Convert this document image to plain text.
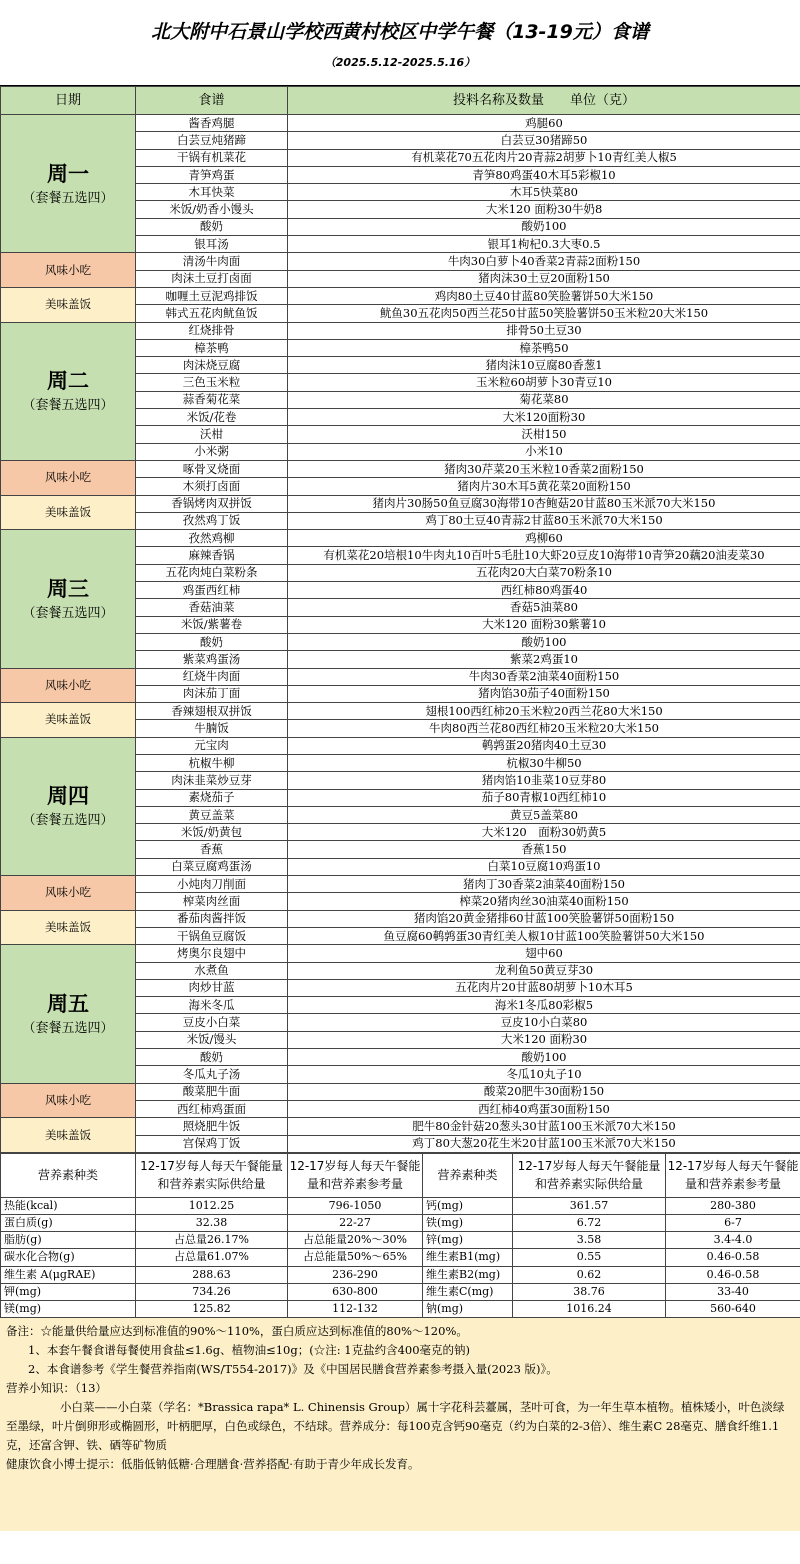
北大附中石景山学校西黄村校区中学午餐（13-19元）食谱
（2025.5.12-2025.5.16）
日期	食谱	投料名称及数量　　单位（克）

周一
（套餐五选四）	酱香鸡腿	鸡腿60
	白芸豆炖猪蹄	白芸豆30猪蹄50
	干锅有机菜花	有机菜花70五花肉片20青蒜2胡萝卜10青红美人椒5
	青笋鸡蛋	青笋80鸡蛋40木耳5彩椒10
	木耳快菜	木耳5快菜80
	米饭/奶香小馒头	大米120 面粉30牛奶8
	酸奶	酸奶100
	银耳汤	银耳1枸杞0.3大枣0.5
风味小吃	清汤牛肉面	牛肉30白萝卜40香菜2青蒜2面粉150
	肉沫土豆打卤面	猪肉沫30土豆20面粉150
美味盖饭	咖喱土豆泥鸡排饭	鸡肉80土豆40甘蓝80笑脸薯饼50大米150
	韩式五花肉鱿鱼饭	鱿鱼30五花肉50西兰花50甘蓝50笑脸薯饼50玉米粒20大米150

周二
（套餐五选四）	红烧排骨	排骨50土豆30
	樟茶鸭	樟茶鸭50
	肉沫烧豆腐	猪肉沫10豆腐80香葱1
	三色玉米粒	玉米粒60胡萝卜30青豆10
	蒜香菊花菜	菊花菜80
	米饭/花卷	大米120面粉30
	沃柑	沃柑150
	小米粥	小米10
风味小吃	啄骨叉烧面	猪肉30芹菜20玉米粒10香菜2面粉150
	木须打卤面	猪肉片30木耳5黄花菜20面粉150
美味盖饭	香锅烤肉双拼饭	猪肉片30肠50鱼豆腐30海带10杏鲍菇20甘蓝80玉米派70大米150
	孜然鸡丁饭	鸡丁80土豆40青蒜2甘蓝80玉米派70大米150

周三
（套餐五选四）	孜然鸡柳	鸡柳60
	麻辣香锅	有机菜花20培根10牛肉丸10百叶5毛肚10大虾20豆皮10海带10青笋20藕20油麦菜30
	五花肉炖白菜粉条	五花肉20大白菜70粉条10
	鸡蛋西红柿	西红柿80鸡蛋40
	香菇油菜	香菇5油菜80
	米饭/紫薯卷	大米120 面粉30紫薯10
	酸奶	酸奶100
	紫菜鸡蛋汤	紫菜2鸡蛋10
风味小吃	红烧牛肉面	牛肉30香菜2油菜40面粉150
	肉沫茄丁面	猪肉馅30茄子40面粉150
美味盖饭	香辣翅根双拼饭	翅根100西红柿20玉米粒20西兰花80大米150
	牛腩饭	牛肉80西兰花80西红柿20玉米粒20大米150

周四
（套餐五选四）	元宝肉	鹌鹑蛋20猪肉40土豆30
	杭椒牛柳	杭椒30牛柳50
	肉沫韭菜炒豆芽	猪肉馅10韭菜10豆芽80
	素烧茄子	茄子80青椒10西红柿10
	黄豆盖菜	黄豆5盖菜80
	米饭/奶黄包	大米120　面粉30奶黄5
	香蕉	香蕉150
	白菜豆腐鸡蛋汤	白菜10豆腐10鸡蛋10
风味小吃	小炖肉刀削面	猪肉丁30香菜2油菜40面粉150
	榨菜肉丝面	榨菜20猪肉丝30油菜40面粉150
美味盖饭	番茄肉酱拌饭	猪肉馅20黄金猪排60甘蓝100笑脸薯饼50面粉150
	干锅鱼豆腐饭	鱼豆腐60鹌鹑蛋30青红美人椒10甘蓝100笑脸薯饼50大米150

周五
（套餐五选四）	烤奥尔良翅中	翅中60
	水煮鱼	龙利鱼50黄豆芽30
	肉炒甘蓝	五花肉片20甘蓝80胡萝卜10木耳5
	海米冬瓜	海米1冬瓜80彩椒5
	豆皮小白菜	豆皮10小白菜80
	米饭/馒头	大米120 面粉30
	酸奶	酸奶100
	冬瓜丸子汤	冬瓜10丸子10
风味小吃	酸菜肥牛面	酸菜20肥牛30面粉150
	西红柿鸡蛋面	西红柿40鸡蛋30面粉150
美味盖饭	照烧肥牛饭	肥牛80金针菇20葱头30甘蓝100玉米派70大米150
	宫保鸡丁饭	鸡丁80大葱20花生米20甘蓝100玉米派70大米150
营养素种类	12-17岁每人每天午餐能量和营养素实际供给量	12-17岁每人每天午餐能量和营养素参考量	营养素种类	12-17岁每人每天午餐能量和营养素实际供给量	12-17岁每人每天午餐能量和营养素参考量
热能(kcal)	1012.25	796-1050	钙(mg)	361.57	280-380
蛋白质(g)	32.38	22-27	铁(mg)	6.72	6-7
脂肪(g)	占总量26.17%	占总能量20%～30%	锌(mg)	3.58	3.4-4.0
碳水化合物(g)	占总量61.07%	占总能量50%～65%	维生素B1(mg)	0.55	0.46-0.58
维生素 A(μgRAE)	288.63	236-290	维生素B2(mg)	0.62	0.46-0.58
钾(mg)	734.26	630-800	维生素C(mg)	38.76	33-40
镁(mg)	125.82	112-132	钠(mg)	1016.24	560-640

备注：☆能量供给量应达到标准值的90%～110%，蛋白质应达到标准值的80%～120%。

1、本套午餐食谱每餐使用食盐≤1.6g、植物油≤10g；(☆注: 1克盐约含400毫克的钠)

2、本食谱参考《学生餐营养指南(WS/T554-2017)》及《中国居民膳食营养素参考摄入量(2023 版)》。

营养小知识：（13）

小白菜——小白菜（学名：*Brassica rapa* L. Chinensis Group）属十字花科芸薹属，茎叶可食，为一年生草本植物。植株矮小，叶色淡绿至墨绿，叶片倒卵形或椭圆形，叶柄肥厚，白色或绿色，不结球。营养成分：每100克含钙90毫克（约为白菜的2-3倍）、维生素C 28毫克、膳食纤维1.1克，还富含钾、铁、硒等矿物质

健康饮食小博士提示：低脂低钠低糖·合理膳食·营养搭配·有助于青少年成长发育。
